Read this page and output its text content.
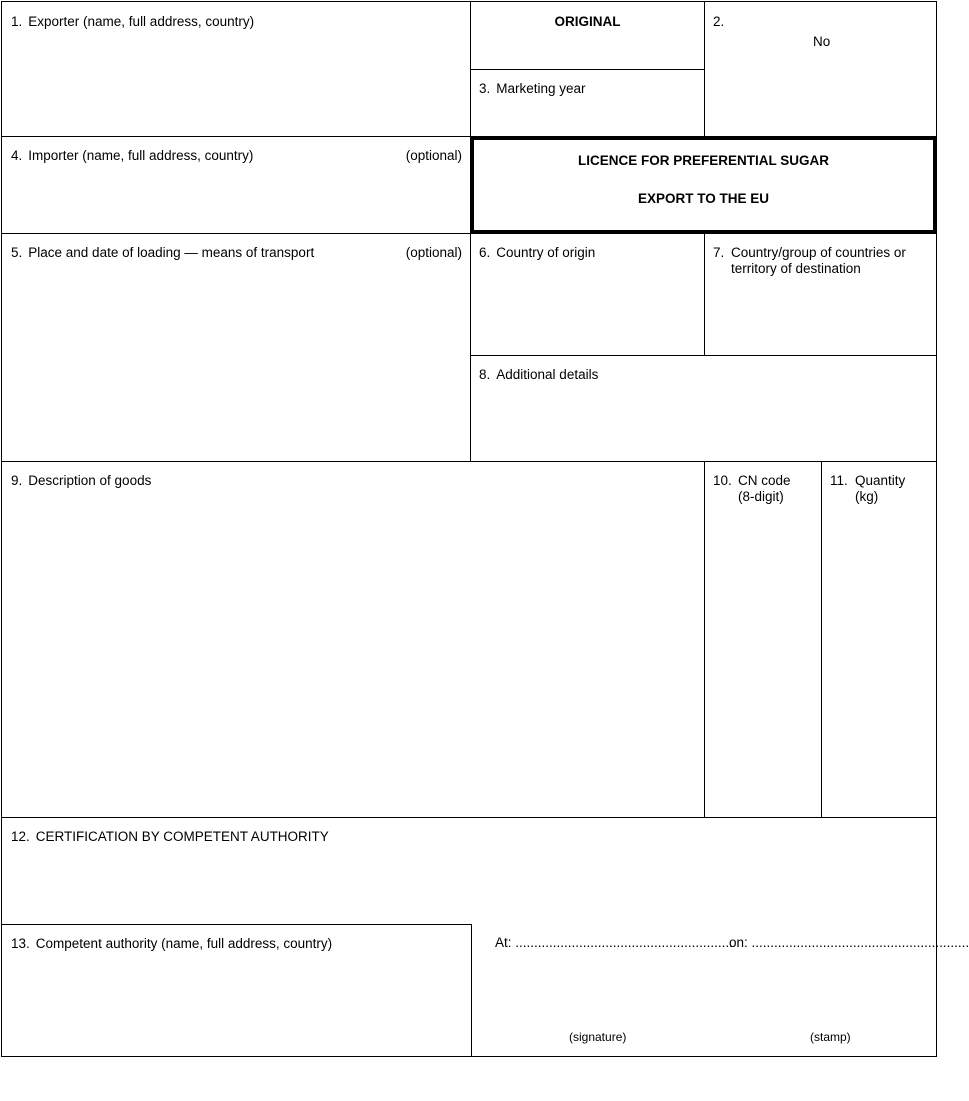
1. Exporter (name, full address, country)	ORIGINAL
3. Marketing year
2.
No
4. Importer (name, full address, country)	(optional)	LICENCE FOR PREFERENTIAL SUGAR
EXPORT TO THE EU
5. Place and date of loading — means of transport	(optional) 6. Country of origin	7. Country/group of countries or
territory of destination
8. Additional details
9. Description of goods	10. CN code
(8-digit)
11. Quantity
(kg)
12. CERTIFICATION BY COMPETENT AUTHORITY
At: ..........................................................
on: ..........................................................
(signature)	(stamp)
13. Competent authority (name, full address, country)
